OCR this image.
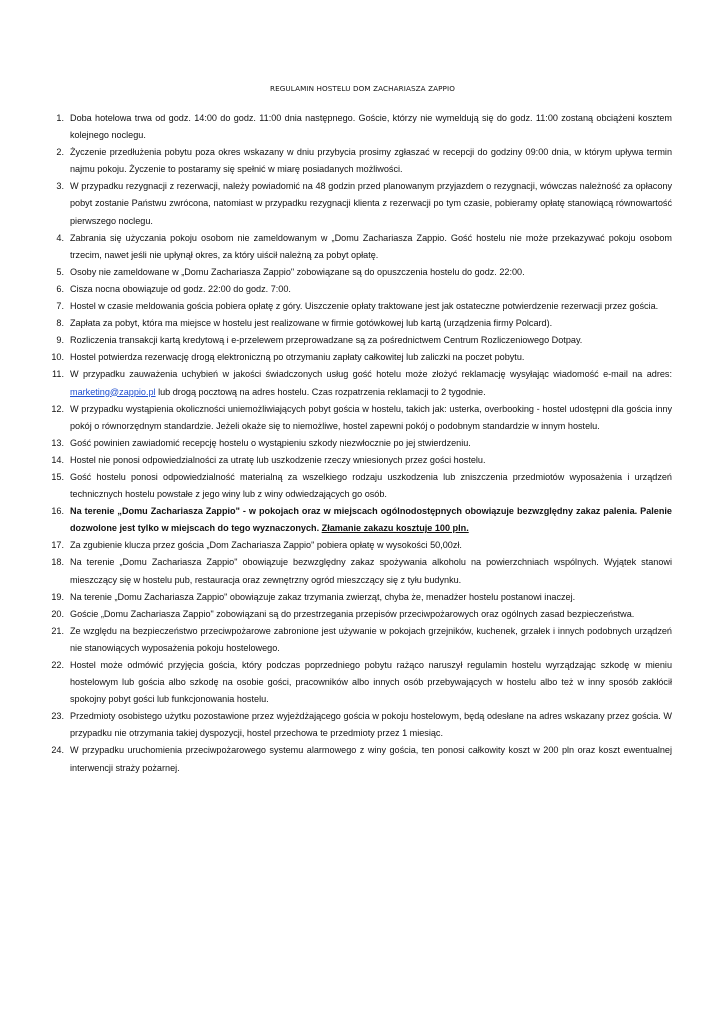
REGULAMIN HOSTELU DOM ZACHARIASZA ZAPPIO
1. Doba hotelowa trwa od godz. 14:00 do godz. 11:00 dnia następnego. Goście, którzy nie wymeldują się do godz. 11:00 zostaną obciążeni kosztem kolejnego noclegu.
2. Życzenie przedłużenia pobytu poza okres wskazany w dniu przybycia prosimy zgłaszać w recepcji do godziny 09:00 dnia, w którym upływa termin najmu pokoju. Życzenie to postaramy się spełnić w miarę posiadanych możliwości.
3. W przypadku rezygnacji z rezerwacji, należy powiadomić na 48 godzin przed planowanym przyjazdem o rezygnacji, wówczas należność za opłacony pobyt zostanie Państwu zwrócona, natomiast w przypadku rezygnacji klienta z rezerwacji po tym czasie, pobieramy opłatę stanowiącą równowartość pierwszego noclegu.
4. Zabrania się użyczania pokoju osobom nie zameldowanym w „Domu Zachariasza Zappio. Gość hostelu nie może przekazywać pokoju osobom trzecim, nawet jeśli nie upłynął okres, za który uiścił należną za pobyt opłatę.
5. Osoby nie zameldowane w „Domu Zachariasza Zappio" zobowiązane są do opuszczenia hostelu do godz. 22:00.
6. Cisza nocna obowiązuje od godz. 22:00 do godz. 7:00.
7. Hostel w czasie meldowania gościa pobiera opłatę z góry. Uiszczenie opłaty traktowane jest jak ostateczne potwierdzenie rezerwacji przez gościa.
8. Zapłata za pobyt, która ma miejsce w hostelu jest realizowane w firmie gotówkowej lub kartą (urządzenia firmy Polcard).
9. Rozliczenia transakcji kartą kredytową i e-przelewem przeprowadzane są za pośrednictwem Centrum Rozliczeniowego Dotpay.
10. Hostel potwierdza rezerwację drogą elektroniczną po otrzymaniu zapłaty całkowitej lub zaliczki na poczet pobytu.
11. W przypadku zauważenia uchybień w jakości świadczonych usług gość hotelu może złożyć reklamację wysyłając wiadomość e-mail na adres: marketing@zappio.pl lub drogą pocztową na adres hostelu. Czas rozpatrzenia reklamacji to 2 tygodnie.
12. W przypadku wystąpienia okoliczności uniemożliwiających pobyt gościa w hostelu, takich jak: usterka, overbooking - hostel udostępni dla gościa inny pokój o równorzędnym standardzie. Jeżeli okaże się to niemożliwe, hostel zapewni pokój o podobnym standardzie w innym hostelu.
13. Gość powinien zawiadomić recepcję hostelu o wystąpieniu szkody niezwłocznie po jej stwierdzeniu.
14. Hostel nie ponosi odpowiedzialności za utratę lub uszkodzenie rzeczy wniesionych przez gości hostelu.
15. Gość hostelu ponosi odpowiedzialność materialną za wszelkiego rodzaju uszkodzenia lub zniszczenia przedmiotów wyposażenia i urządzeń technicznych hostelu powstałe z jego winy lub z winy odwiedzających go osób.
16. Na terenie „Domu Zachariasza Zappio" - w pokojach oraz w miejscach ogólnodostępnych obowiązuje bezwzględny zakaz palenia. Palenie dozwolone jest tylko w miejscach do tego wyznaczonych. Złamanie zakazu kosztuje 100 pln.
17. Za zgubienie klucza przez gościa „Dom Zachariasza Zappio" pobiera opłatę w wysokości 50,00zł.
18. Na terenie „Domu Zachariasza Zappio" obowiązuje bezwzględny zakaz spożywania alkoholu na powierzchniach wspólnych. Wyjątek stanowi mieszczący się w hostelu pub, restauracja oraz zewnętrzny ogród mieszczący się z tyłu budynku.
19. Na terenie „Domu Zachariasza Zappio" obowiązuje zakaz trzymania zwierząt, chyba że, menadżer hostelu postanowi inaczej.
20. Goście „Domu Zachariasza Zappio" zobowiązani są do przestrzegania przepisów przeciwpożarowych oraz ogólnych zasad bezpieczeństwa.
21. Ze względu na bezpieczeństwo przeciwpożarowe zabronione jest używanie w pokojach grzejników, kuchenek, grzałek i innych podobnych urządzeń nie stanowiących wyposażenia pokoju hostelowego.
22. Hostel może odmówić przyjęcia gościa, który podczas poprzedniego pobytu rażąco naruszył regulamin hostelu wyrządzając szkodę w mieniu hostelowym lub gościa albo szkodę na osobie gości, pracowników albo innych osób przebywających w hostelu albo też w inny sposób zakłócił spokojny pobyt gości lub funkcjonowania hostelu.
23. Przedmioty osobistego użytku pozostawione przez wyjeżdżającego gościa w pokoju hostelowym, będą odesłane na adres wskazany przez gościa. W przypadku nie otrzymania takiej dyspozycji, hostel przechowa te przedmioty przez 1 miesiąc.
24. W przypadku uruchomienia przeciwpożarowego systemu alarmowego z winy gościa, ten ponosi całkowity koszt w 200 pln oraz koszt ewentualnej interwencji straży pożarnej.
